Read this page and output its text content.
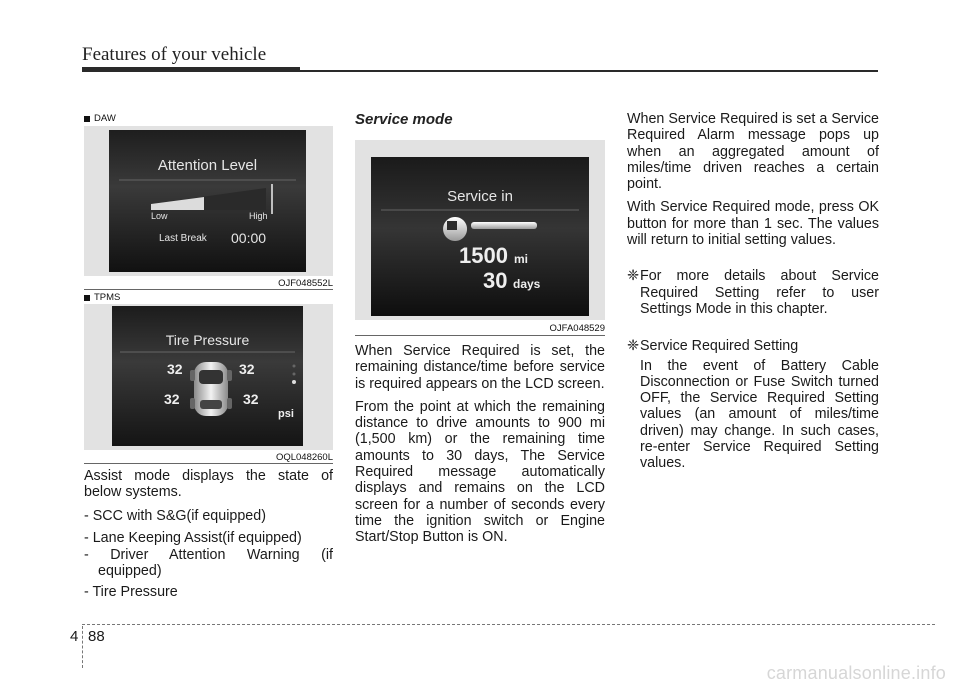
Features of your vehicle
DAW
Attention Level
Low	High
Last Break 00:00
OJF048552L
TPMS
Tire Pressure
32	32
32	32
psi
OQL048260L

Assist mode displays the state of below systems.

- SCC with S&G(if equipped)
- Lane Keeping Assist(if equipped)
- Driver Attention Warning (if
equipped)
- Tire Pressure
Service mode
Service in
1500 mi
30 days
OJFA048529

When Service Required is set, the remaining distance/time before service is required appears on the LCD screen.

From the point at which the remaining distance to drive amounts to 900 mi (1,500 km) or the remaining time amounts to 30 days, The Service Required message automatically displays and remains on the LCD screen for a number of seconds every time the ignition switch or Engine Start/Stop Button is ON.

When Service Required is set a Service Required Alarm message pops up when an aggregated amount of miles/time driven reaches a certain point.

With Service Required mode, press OK button for more than 1 sec. The values will return to initial setting values.

❈ For more details about Service Required Setting refer to user Settings Mode in this chapter.
❈ Service Required Setting
In the event of Battery Cable Disconnection or Fuse Switch turned OFF, the Service Required Setting values (an amount of miles/time driven) may change. In such cases, re-enter Service Required Setting values.
4 88
carmanualsonline.info
